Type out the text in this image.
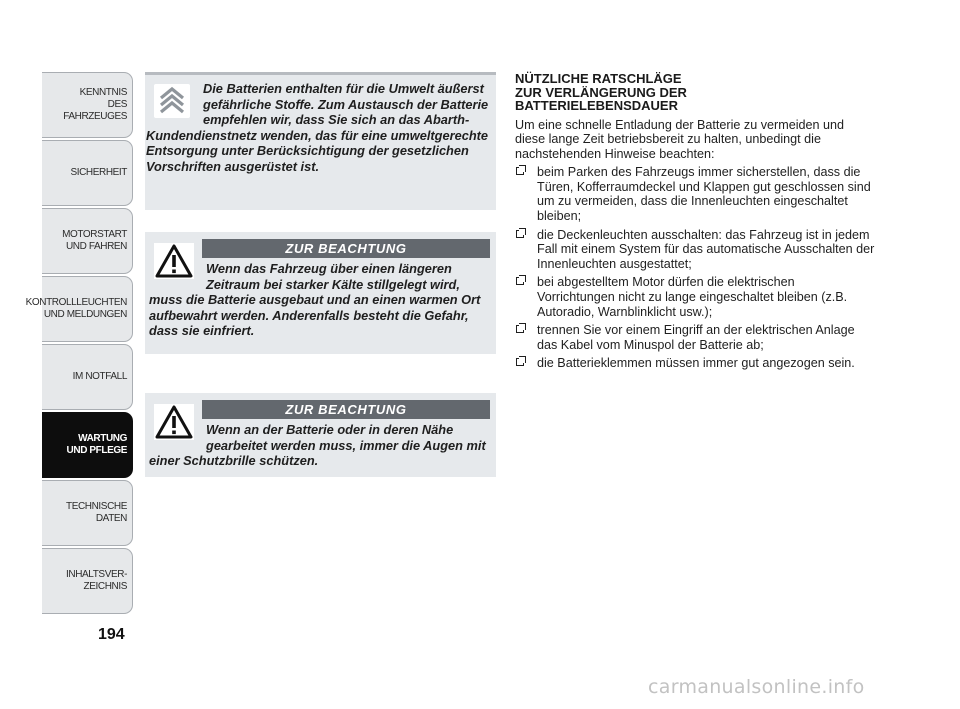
KENNTNIS
DES FAHRZEUGES
SICHERHEIT
MOTORSTART
UND FAHREN
KONTROLLLEUCHTEN
UND MELDUNGEN
IM NOTFALL
WARTUNG
UND PFLEGE
TECHNISCHE
DATEN
INHALTSVER-
ZEICHNIS
194

Die Batterien enthalten für die Umwelt äußerst gefährliche Stoffe. Zum Austausch der Batterie empfehlen wir, dass Sie sich an das Abarth-Kundendienstnetz wenden, das für eine umweltgerechte Entsorgung unter Berücksichtigung der gesetzlichen Vorschriften ausgerüstet ist.

ZUR BEACHTUNG

Wenn das Fahrzeug über einen längeren Zeitraum bei starker Kälte stillgelegt wird, muss die Batterie ausgebaut und an einen warmen Ort aufbewahrt werden. Anderenfalls besteht die Gefahr, dass sie einfriert.

ZUR BEACHTUNG

Wenn an der Batterie oder in deren Nähe gearbeitet werden muss, immer die Augen mit einer Schutzbrille schützen.

NÜTZLICHE RATSCHLÄGE
ZUR VERLÄNGERUNG DER
BATTERIELEBENSDAUER

Um eine schnelle Entladung der Batterie zu vermeiden und diese lange Zeit betriebsbereit zu halten, unbedingt die nachstehenden Hinweise beachten:

beim Parken des Fahrzeugs immer sicherstellen, dass die Türen, Kofferraumdeckel und Klappen gut geschlossen sind um zu vermeiden, dass die Innenleuchten eingeschaltet bleiben;
die Deckenleuchten ausschalten: das Fahrzeug ist in jedem Fall mit einem System für das automatische Ausschalten der Innenleuchten ausgestattet;
bei abgestelltem Motor dürfen die elektrischen Vorrichtungen nicht zu lange eingeschaltet bleiben (z.B. Autoradio, Warnblinklicht usw.);
trennen Sie vor einem Eingriff an der elektrischen Anlage das Kabel vom Minuspol der Batterie ab;
die Batterieklemmen müssen immer gut angezogen sein.
carmanualsonline.info
